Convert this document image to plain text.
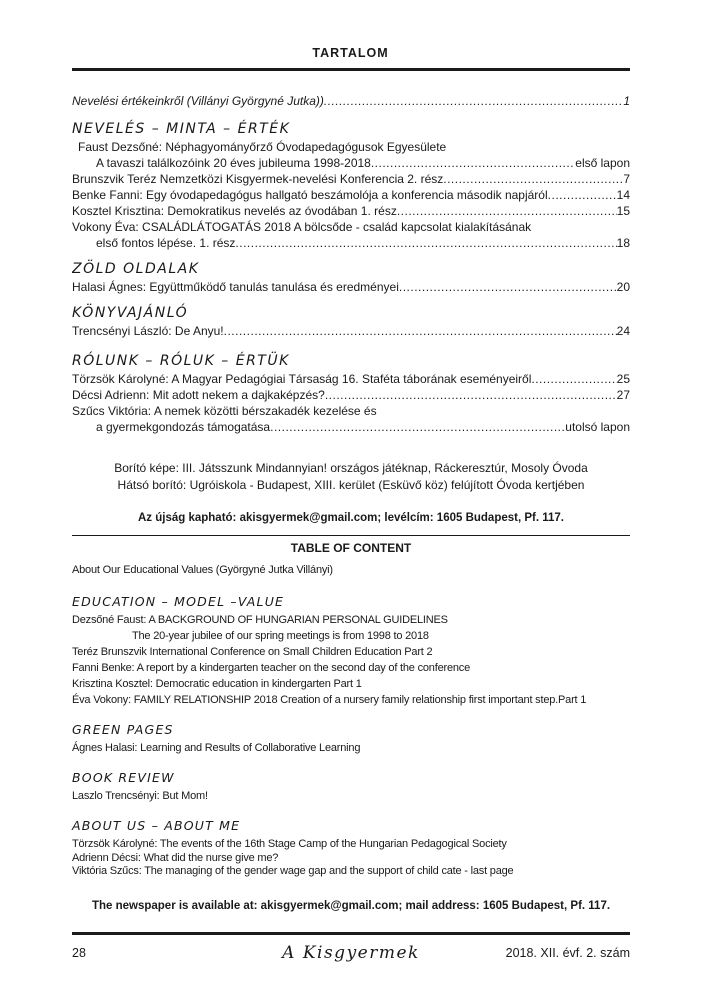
TARTALOM
Nevelési értékeinkről (Villányi Györgyné Jutka)) .....	1
NEVELÉS – MINTA – ÉRTÉK
Faust Dezsőné: Néphagyományőrző Óvodapedagógusok Egyesülete
A tavaszi találkozóink 20 éves jubileuma 1998-2018 .....	első lapon
Brunszvik Teréz Nemzetközi Kisgyermek-nevelési Konferencia 2. rész .....	7
Benke Fanni: Egy óvodapedagógus hallgató beszámolója a konferencia második napjáról .....	14
Kosztel Krisztina: Demokratikus nevelés az óvodában 1. rész .....	15
Vokony Éva: CSALÁDLÁTOGATÁS 2018 A bölcsőde - család kapcsolat kialakításának
első fontos lépése. 1. rész .....	18
ZÖLD OLDALAK
Halasi Ágnes: Együttműködő tanulás tanulása és eredményei .....	20
KÖNYVAJÁNLÓ
Trencsényi László: De Anyu! .....	24
RÓLUNK – RÓLUK – ÉRTÜK
Törzsök Károlyné: A Magyar Pedagógiai Társaság 16. Staféta táborának eseményeiről .....	25
Décsi Adrienn: Mit adott nekem a dajkaképzés? .....	27
Szűcs Viktória: A nemek közötti bérszakadék kezelése és
a gyermekgondozás támogatása .....	utolsó lapon
Borító képe: III. Játsszunk Mindannyian! országos játéknap, Ráckeresztúr, Mosoly Óvoda
Hátsó borító: Ugróiskola - Budapest, XIII. kerület (Esküvő köz) felújított Óvoda kertjében
Az újság kapható: akisgyermek@gmail.com; levélcím: 1605 Budapest, Pf. 117.
TABLE OF CONTENT
About Our Educational Values (Györgyné Jutka Villányi)
EDUCATION – MODEL –VALUE
Dezsőné Faust: A BACKGROUND OF HUNGARIAN PERSONAL GUIDELINES
The 20-year jubilee of our spring meetings is from 1998 to 2018
Teréz Brunszvik International Conference on Small Children Education Part 2
Fanni Benke: A report by a kindergarten teacher on the second day of the conference
Krisztina Kosztel: Democratic education in kindergarten Part 1
Éva Vokony: FAMILY RELATIONSHIP 2018 Creation of a nursery family relationship first important step.Part 1
GREEN PAGES
Ágnes Halasi: Learning and Results of Collaborative Learning
BOOK REVIEW
Laszlo Trencsényi: But Mom!
ABOUT US – ABOUT ME
Törzsök Károlyné: The events of the 16th Stage Camp of the Hungarian Pedagogical Society
Adrienn Décsi: What did the nurse give me?
Viktória Szűcs: The managing of the gender wage gap and the support of child cate - last page
The newspaper is available at: akisgyermek@gmail.com; mail address: 1605 Budapest, Pf. 117.
28	A Kisgyermek	2018. XII. évf. 2. szám
